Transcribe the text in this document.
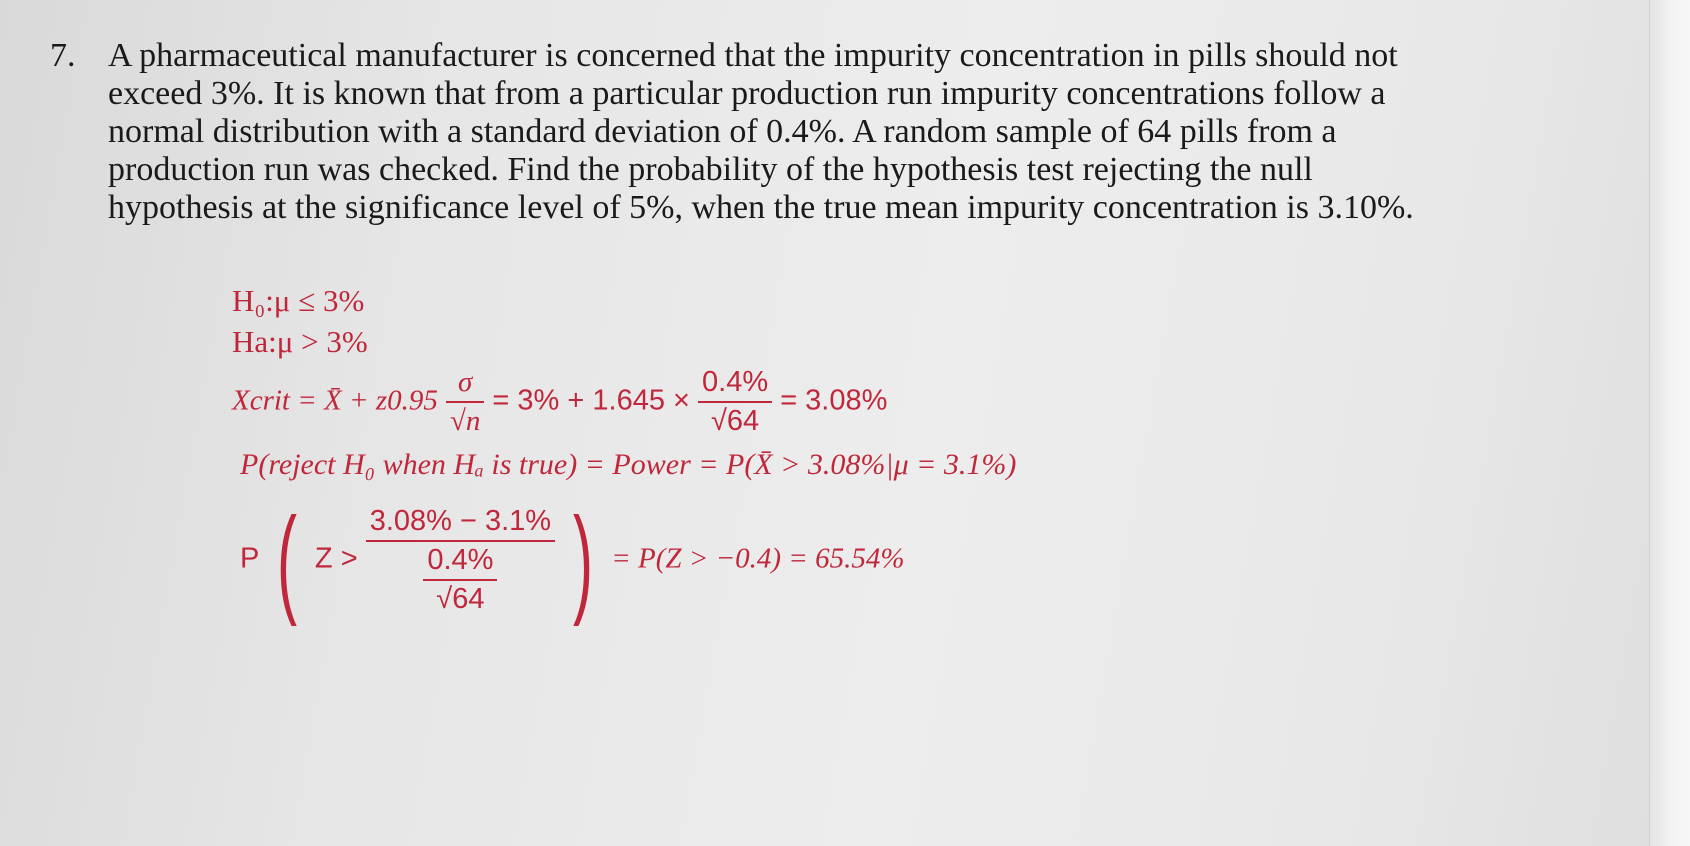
7. A pharmaceutical manufacturer is concerned that the impurity concentration in pills should not
exceed 3%. It is known that from a particular production run impurity concentrations follow a
normal distribution with a standard deviation of 0.4%. A random sample of 64 pills from a
production run was checked. Find the probability of the hypothesis test rejecting the null
hypothesis at the significance level of 5%, when the true mean impurity concentration is 3.10%.
H₀:μ ≤ 3%
Ha:μ > 3%
Xcrit = X̄ + $z0.95 \frac{\sigma}{√n} = 3\% + 1.645 \times \frac{0.4\%}{√64} = 3.08\%$
P(reject H₀ when Hₐ is true) = Power = P(X̄ > 3.08%|μ = 3.1%)
P ( $Z > \frac{3.08\% - 3.1\%}{\frac{0.4\%}{√64}}$ ) = P(Z > −0.4) = 65.54%
